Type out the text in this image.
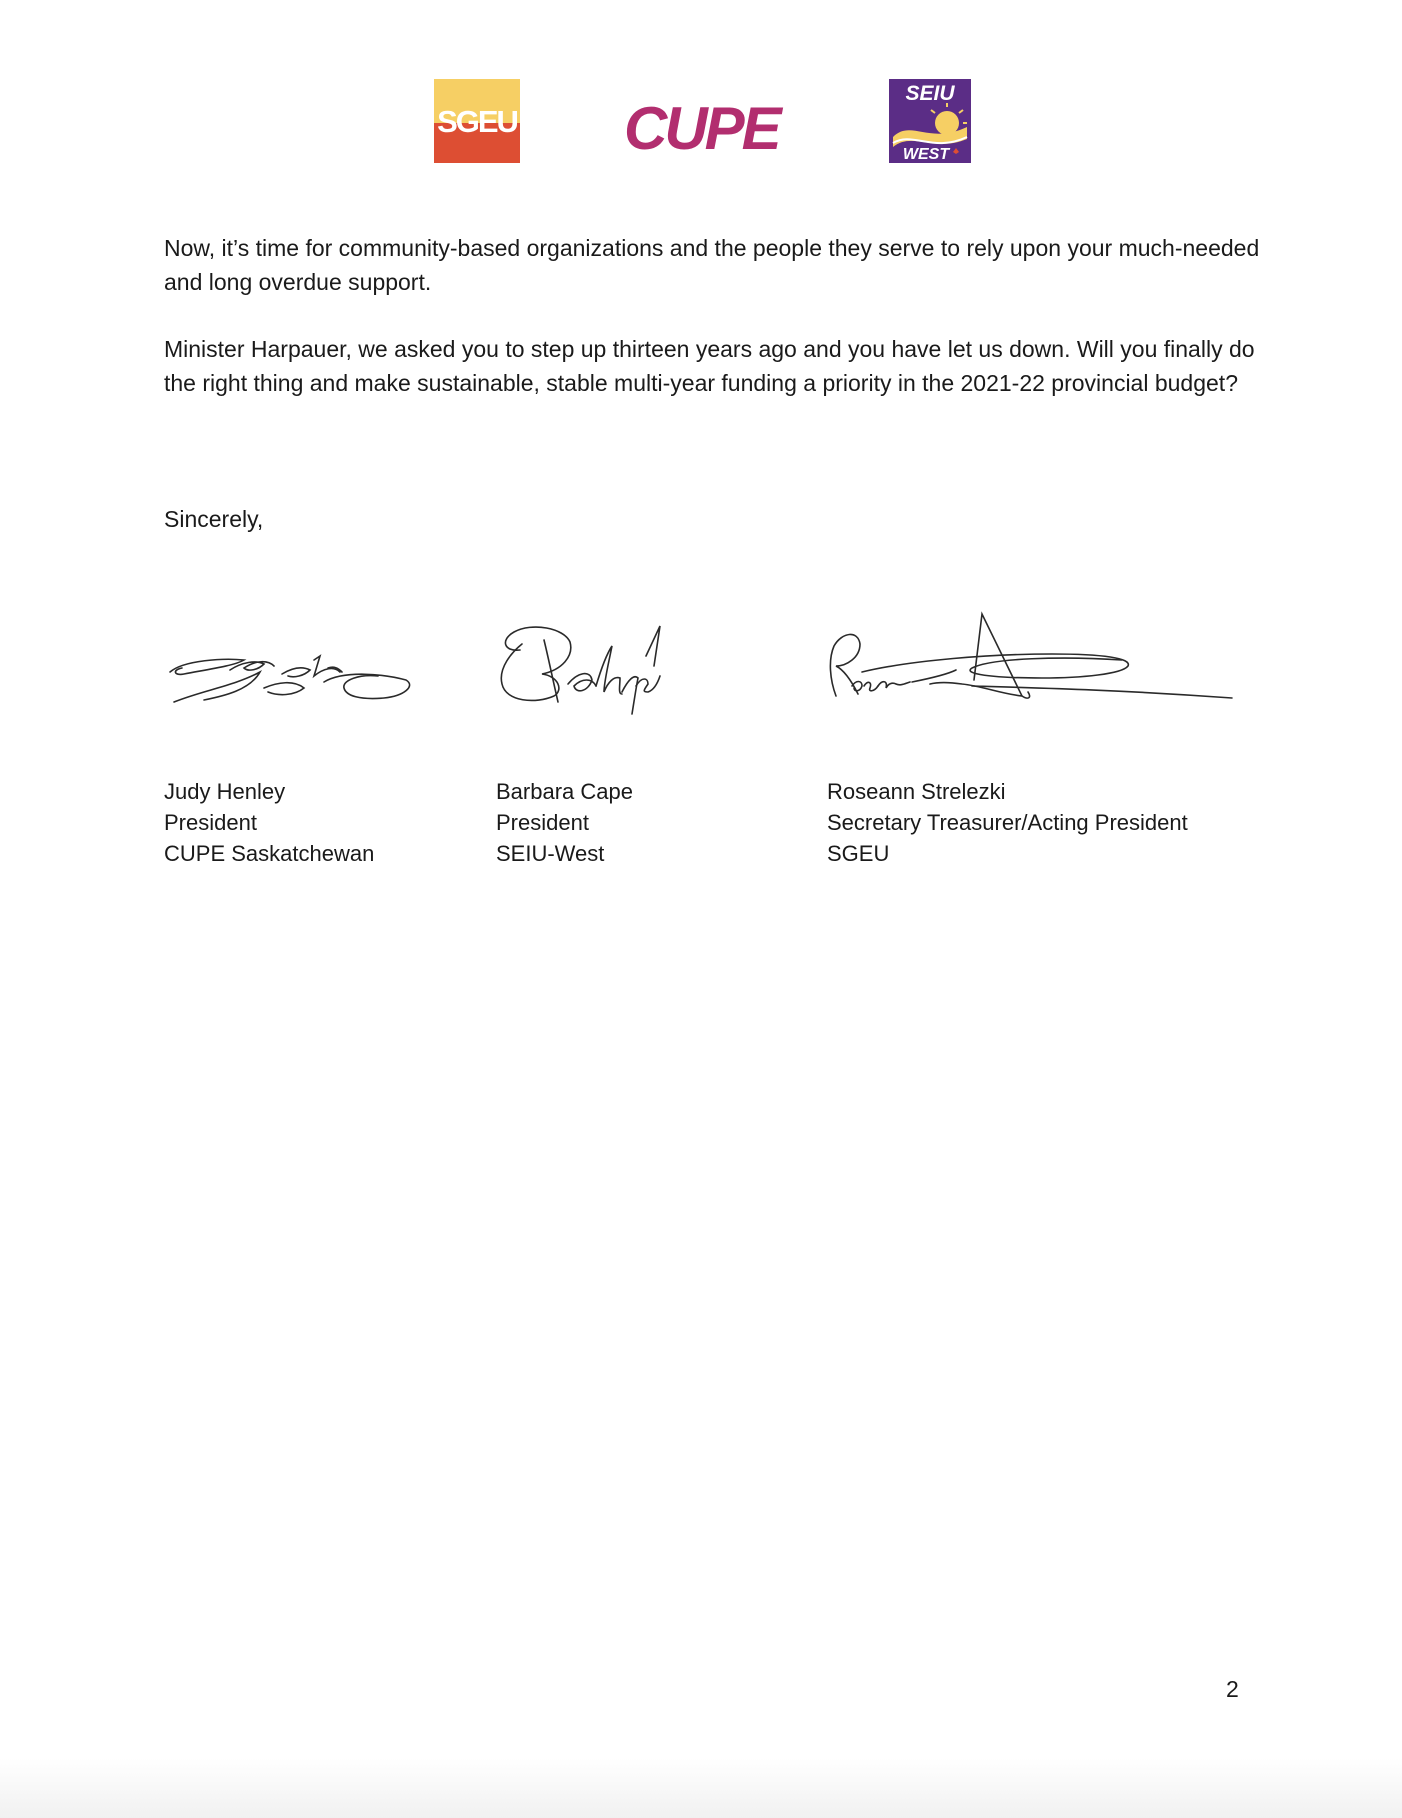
SGEU CUPE
SEIU
WEST

Now, it’s time for community-based organizations and the people they serve to rely upon your much-needed and long overdue support.

Minister Harpauer, we asked you to step up thirteen years ago and you have let us down. Will you finally do the right thing and make sustainable, stable multi-year funding a priority in the 2021-22 provincial budget?

Sincerely,

Judy Henley
President
CUPE Saskatchewan
Barbara Cape
President
SEIU-West
Roseann Strelezki
Secretary Treasurer/Acting President
SGEU
2
